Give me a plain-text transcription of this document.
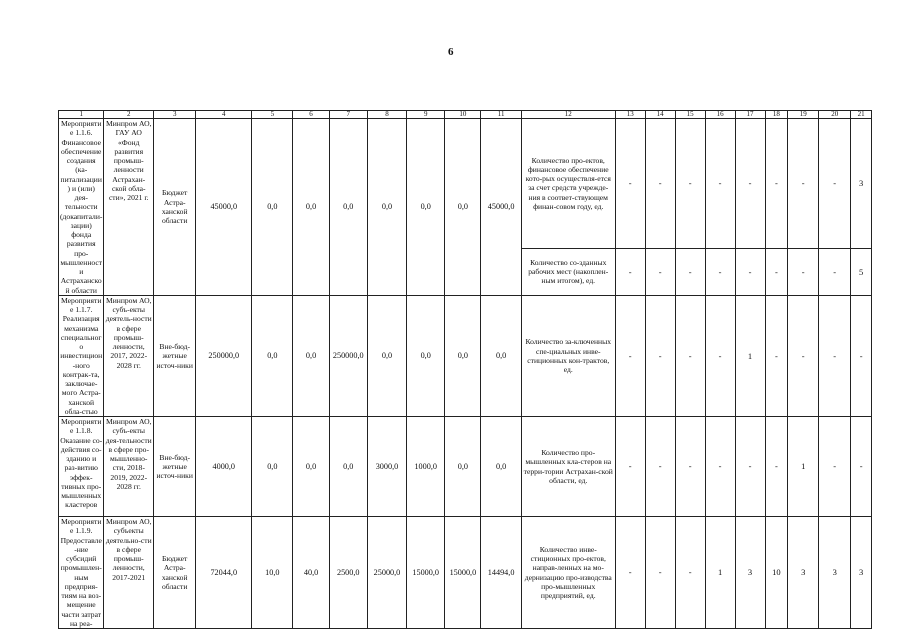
6
1	2	3	4	5	6	7	8	9	10	11	12	13	14	15	16	17	18	19	20	21
Мероприятие 1.1.6. Финансовое обеспечение создания (ка-питализации) и (или) дея-тельности (докапитали-зации) фонда развития про-мышленности Астраханской области	Минпром АО, ГАУ АО «Фонд развития промыш-ленности Астрахан-ской обла-сти», 2021 г.	Бюджет Астра-ханской области	45000,0	0,0	0,0	0,0	0,0	0,0	0,0	45000,0	Количество про-ектов, финансовое обеспечение кото-рых осуществля-ется за счет средств учрежде-ния в соответ-ствующем финан-совом году, ед.	-	-	-	-	-	-	-	-	3
											Количество со-зданных рабочих мест (накоплен-ным итогом), ед.	-	-	-	-	-	-	-	-	5
Мероприятие 1.1.7. Реализация механизма специального инвестицион-ного контрак-та, заключае-мого Астра-ханской обла-стью	Минпром АО, субъ-екты деятель-ности в сфере промыш-ленности, 2017, 2022-2028 гг.	Вне-бюд-жетные источ-ники	250000,0	0,0	0,0	250000,0	0,0	0,0	0,0	0,0	Количество за-ключенных спе-циальных инве-стиционных кон-трактов, ед.	-	-	-	-	1	-	-	-	-
Мероприятие 1.1.8. Оказание со-действия со-зданию и раз-витию эффек-тивных про-мышленных кластеров	Минпром АО, субъ-екты дея-тельности в сфере про-мышленно-сти, 2018-2019, 2022-2028 гг.	Вне-бюд-жетные источ-ники	4000,0	0,0	0,0	0,0	3000,0	1000,0	0,0	0,0	Количество про-мышленных кла-стеров на терри-тории Астрахан-ской области, ед.	-	-	-	-	-	-	1	-	-
Мероприятие 1.1.9. Предоставле-ние субсидий промышлен-ным предприя-тиям на воз-мещение части затрат на реа-	Минпром АО, субъекты деятельно-сти в сфере промыш-ленности, 2017-2021	Бюджет Астра-ханской области	72044,0	10,0	40,0	2500,0	25000,0	15000,0	15000,0	14494,0	Количество инве-стиционных про-ектов, направ-ленных на мо-дернизацию про-изводства про-мышленных предприятий, ед.	-	-	-	1	3	10	3	3	3
